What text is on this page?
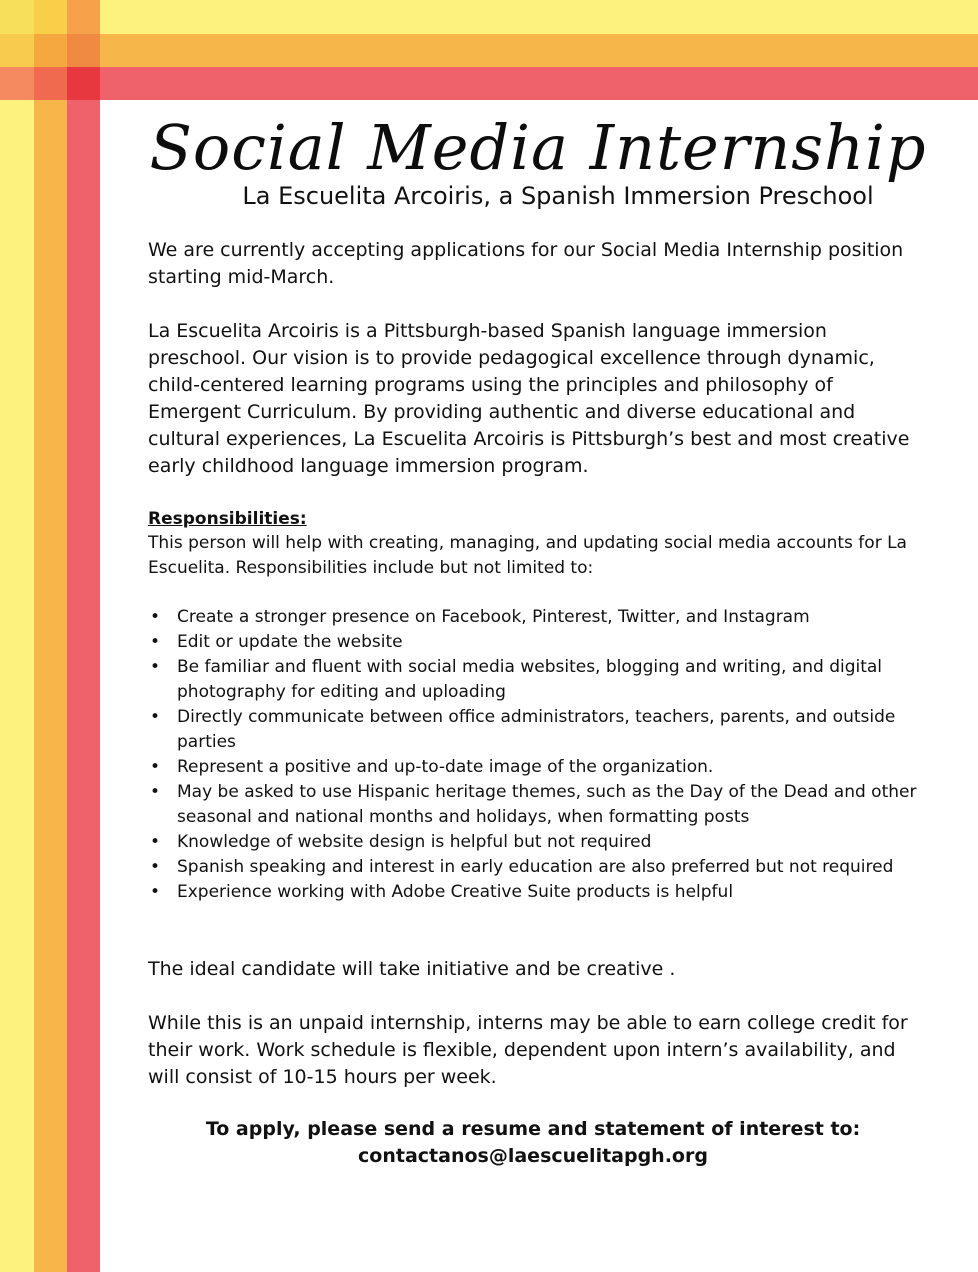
Social Media Internship
La Escuelita Arcoiris, a Spanish Immersion Preschool
We are currently accepting applications for our Social Media Internship position starting mid-March.
La Escuelita Arcoiris is a Pittsburgh-based Spanish language immersion preschool. Our vision is to provide pedagogical excellence through dynamic, child-centered learning programs using the principles and philosophy of Emergent Curriculum. By providing authentic and diverse educational and cultural experiences, La Escuelita Arcoiris is Pittsburgh’s best and most creative early childhood language immersion program.
Responsibilities:
This person will help with creating, managing, and updating social media accounts for La Escuelita. Responsibilities include but not limited to:
• Create a stronger presence on Facebook, Pinterest, Twitter, and Instagram
• Edit or update the website
• Be familiar and fluent with social media websites, blogging and writing, and digital photography for editing and uploading
• Directly communicate between office administrators, teachers, parents, and outside parties
• Represent a positive and up-to-date image of the organization.
• May be asked to use Hispanic heritage themes, such as the Day of the Dead and other seasonal and national months and holidays, when formatting posts
• Knowledge of website design is helpful but not required
• Spanish speaking and interest in early education are also preferred but not required
• Experience working with Adobe Creative Suite products is helpful
The ideal candidate will take initiative and be creative .
While this is an unpaid internship, interns may be able to earn college credit for their work. Work schedule is flexible, dependent upon intern’s availability, and will consist of 10-15 hours per week.
To apply, please send a resume and statement of interest to:
contactanos@laescuelitapgh.org
